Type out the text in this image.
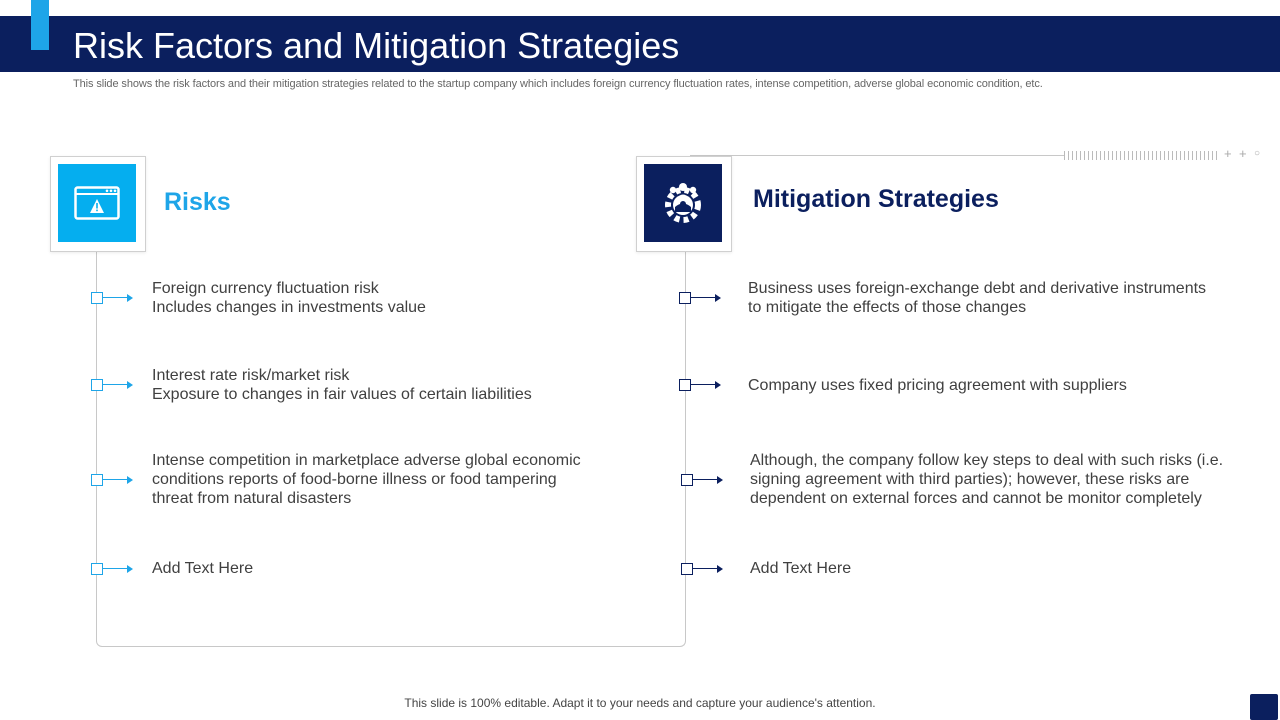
Risk Factors and Mitigation Strategies
This slide shows the risk factors and their mitigation strategies related to the startup company which includes foreign currency fluctuation rates, intense competition, adverse global economic condition, etc.
+ + ○
Risks	Mitigation Strategies
Foreign currency fluctuation risk
Includes changes in investments value
Interest rate risk/market risk
Exposure to changes in fair values of certain liabilities
Intense competition in marketplace adverse global economic
conditions reports of food-borne illness or food tampering
threat from natural disasters
Add Text Here
Business uses foreign-exchange debt and derivative instruments
to mitigate the effects of those changes
Company uses fixed pricing agreement with suppliers
Although, the company follow key steps to deal with such risks (i.e.
signing agreement with third parties); however, these risks are
dependent on external forces and cannot be monitor completely
Add Text Here
This slide is 100% editable. Adapt it to your needs and capture your audience's attention.
